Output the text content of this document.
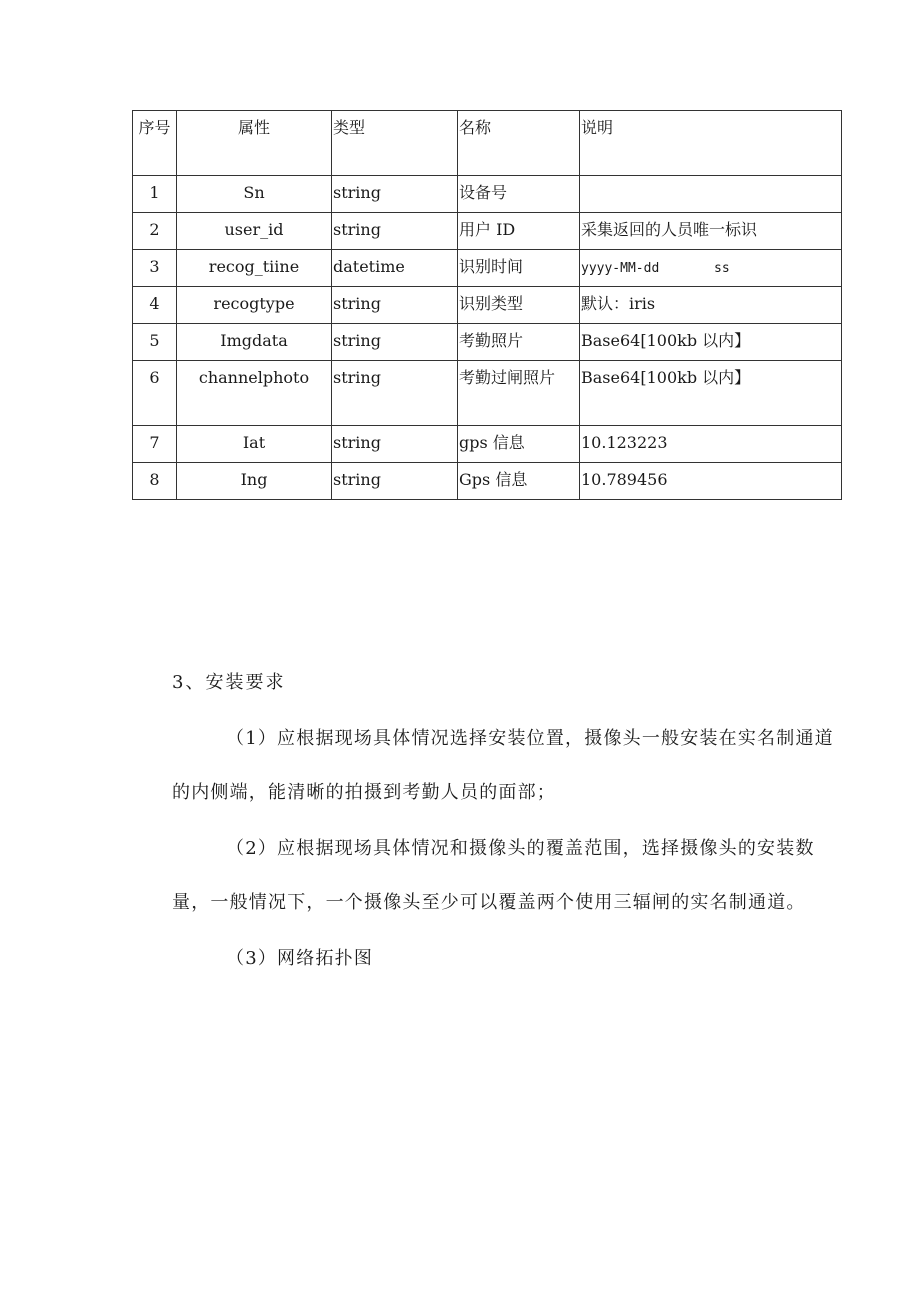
序号	属性	类型	名称	说明
1	Sn	string	设备号	
2	user_id	string	用户 ID	采集返回的人员唯一标识
3	recog_tiine	datetime	识别时间	yyyy-MM-dd       ss
4	recogtype	string	识别类型	默认：iris
5	Imgdata	string	考勤照片	Base64[100kb 以内】
6	channelphoto	string	考勤过闸照片	Base64[100kb 以内】
7	Iat	string	gps 信息	10.123223
8	Ing	string	Gps 信息	10.789456
3、安装要求

（1）应根据现场具体情况选择安装位置，摄像头一般安装在实名制通道的内侧端，能清晰的拍摄到考勤人员的面部；

（2）应根据现场具体情况和摄像头的覆盖范围，选择摄像头的安装数量，一般情况下，一个摄像头至少可以覆盖两个使用三辐闸的实名制通道。

（3）网络拓扑图
